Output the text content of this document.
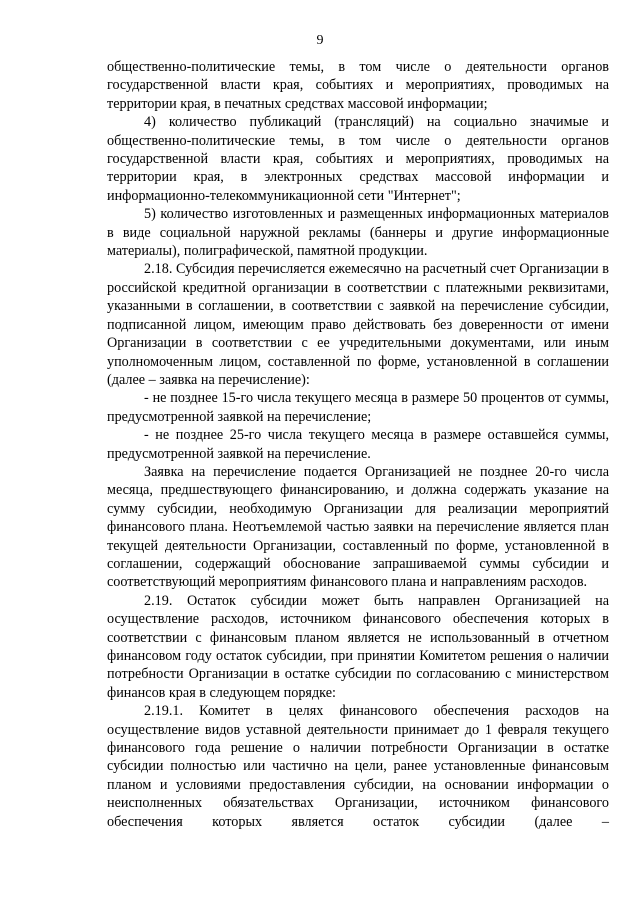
9

общественно-политические темы, в том числе о деятельности органов государственной власти края, событиях и мероприятиях, проводимых на территории края, в печатных средствах массовой информации;

4) количество публикаций (трансляций) на социально значимые и общественно-политические темы, в том числе о деятельности органов государственной власти края, событиях и мероприятиях, проводимых на территории края, в электронных средствах массовой информации и информационно-телекоммуникационной сети "Интернет";

5) количество изготовленных и размещенных информационных материалов в виде социальной наружной рекламы (баннеры и другие информационные материалы), полиграфической, памятной продукции.

2.18. Субсидия перечисляется ежемесячно на расчетный счет Организации в российской кредитной организации в соответствии с платежными реквизитами, указанными в соглашении, в соответствии с заявкой на перечисление субсидии, подписанной лицом, имеющим право действовать без доверенности от имени Организации в соответствии с ее учредительными документами, или иным уполномоченным лицом, составленной по форме, установленной в соглашении (далее – заявка на перечисление):

- не позднее 15-го числа текущего месяца в размере 50 процентов от суммы, предусмотренной заявкой на перечисление;

- не позднее 25-го числа текущего месяца в размере оставшейся суммы, предусмотренной заявкой на перечисление.

Заявка на перечисление подается Организацией не позднее 20-го числа месяца, предшествующего финансированию, и должна содержать указание на сумму субсидии, необходимую Организации для реализации мероприятий финансового плана. Неотъемлемой частью заявки на перечисление является план текущей деятельности Организации, составленный по форме, установленной в соглашении, содержащий обоснование запрашиваемой суммы субсидии и соответствующий мероприятиям финансового плана и направлениям расходов.

2.19. Остаток субсидии может быть направлен Организацией на осуществление расходов, источником финансового обеспечения которых в соответствии с финансовым планом является не использованный в отчетном финансовом году остаток субсидии, при принятии Комитетом решения о наличии потребности Организации в остатке субсидии по согласованию с министерством финансов края в следующем порядке:

2.19.1. Комитет в целях финансового обеспечения расходов на осуществление видов уставной деятельности принимает до 1 февраля текущего финансового года решение о наличии потребности Организации в остатке субсидии полностью или частично на цели, ранее установленные финансовым планом и условиями предоставления субсидии, на основании информации о неисполненных обязательствах Организации, источником финансового обеспечения которых является остаток субсидии (далее –
